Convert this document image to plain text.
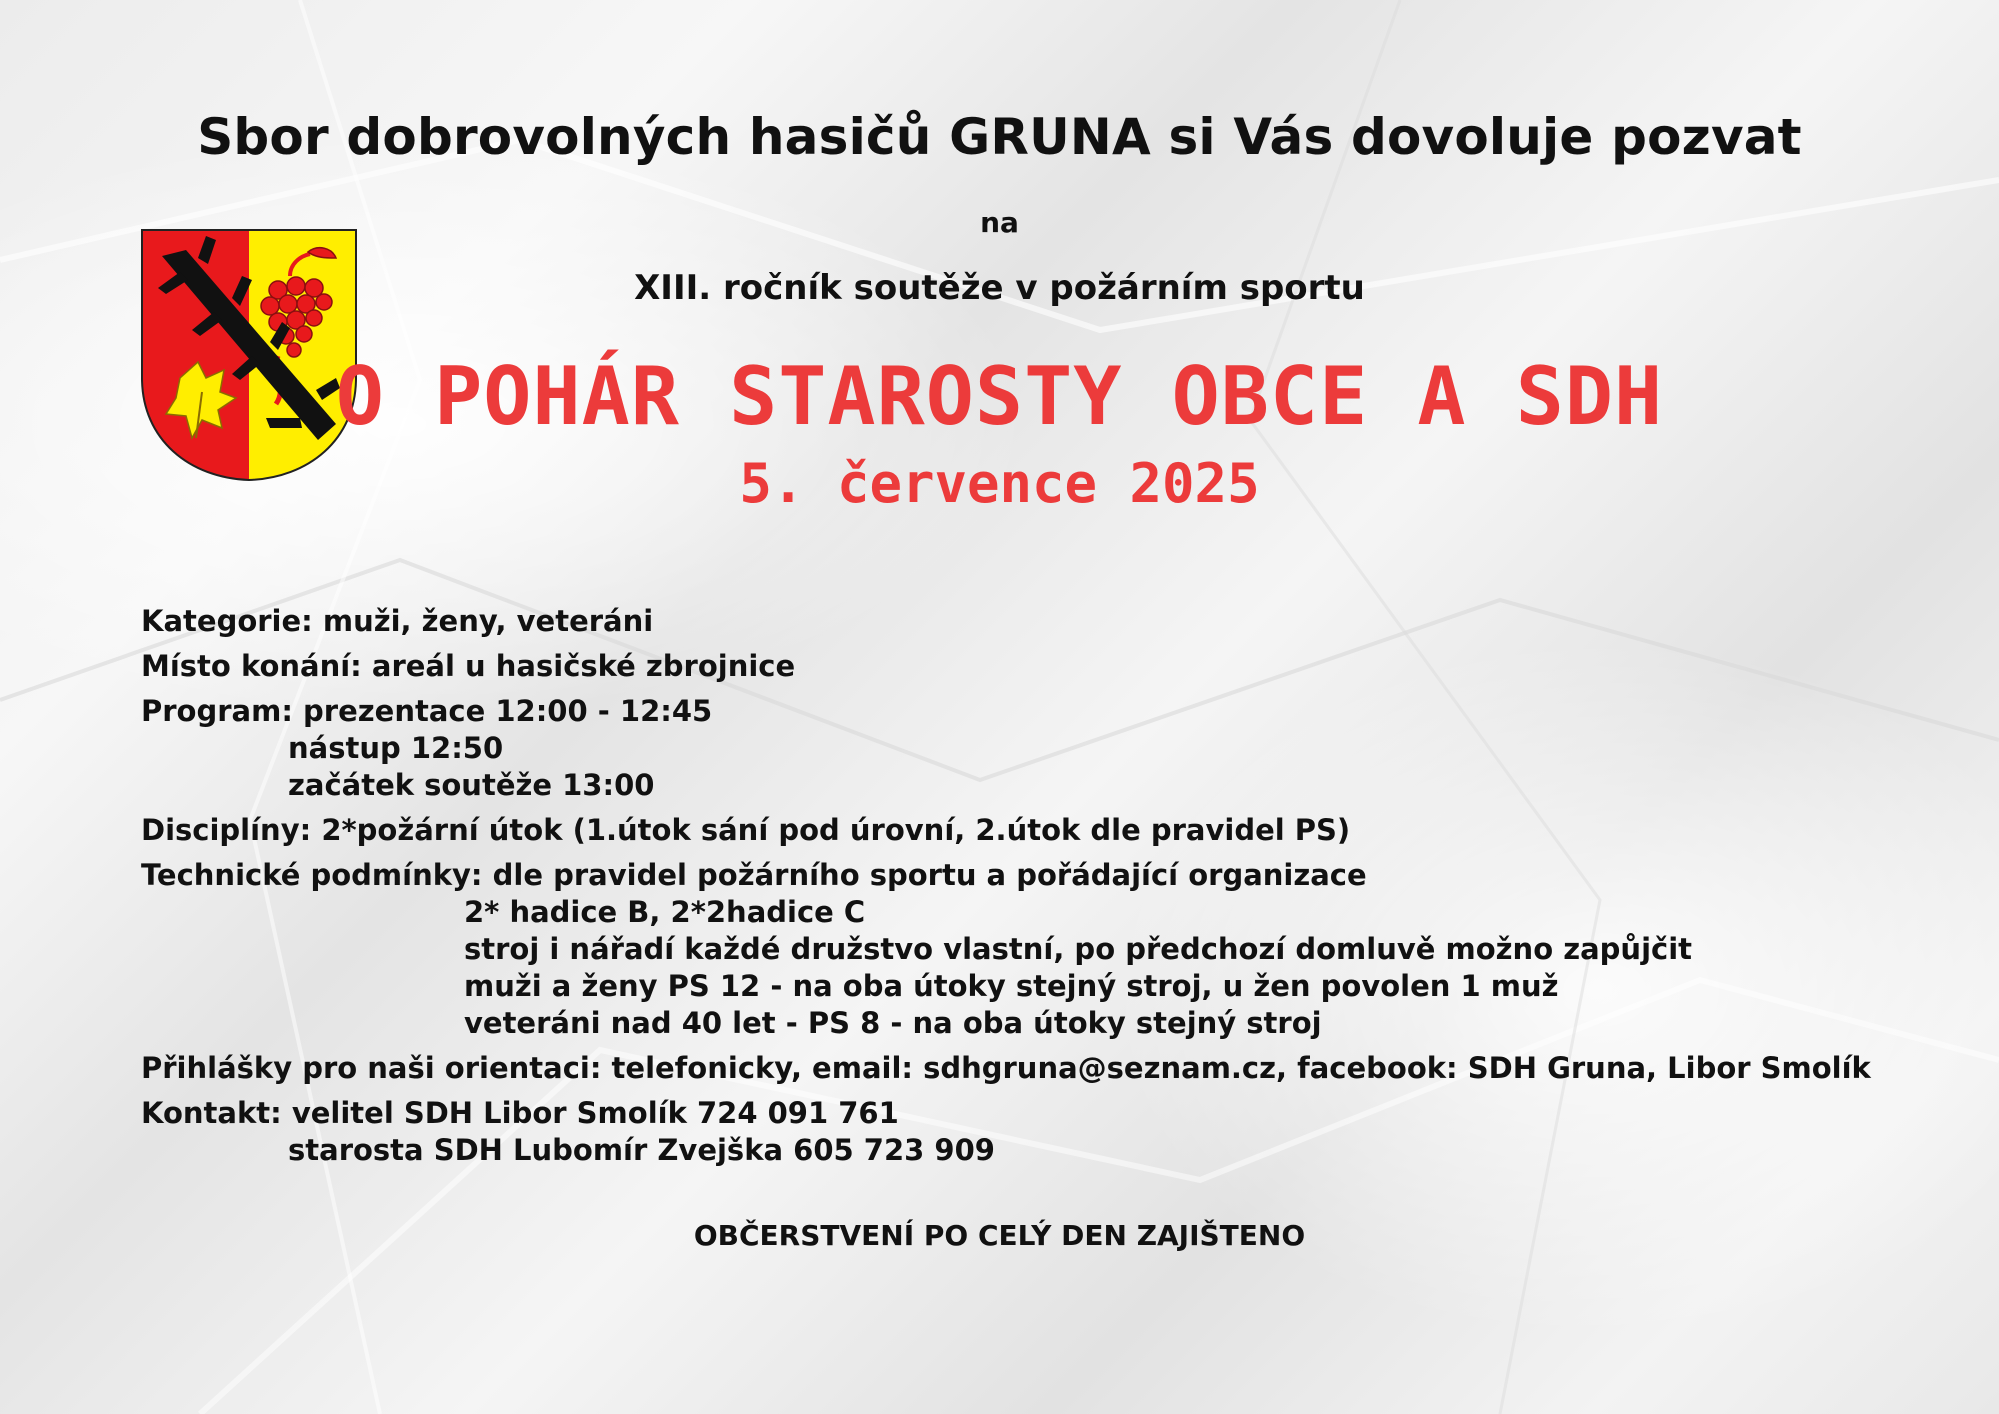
Sbor dobrovolných hasičů GRUNA si Vás dovoluje pozvat
na
XIII. ročník soutěže v požárním sportu
O POHÁR STAROSTY OBCE A SDH
5. července 2025
Kategorie: muži, ženy, veteráni
Místo konání: areál u hasičské zbrojnice
Program: prezentace 12:00 - 12:45
nástup 12:50
začátek soutěže 13:00
Disciplíny: 2*požární útok (1.útok sání pod úrovní, 2.útok dle pravidel PS)
Technické podmínky: dle pravidel požárního sportu a pořádající organizace
2* hadice B, 2*2hadice C
stroj i nářadí každé družstvo vlastní, po předchozí domluvě možno zapůjčit
muži a ženy PS 12 - na oba útoky stejný stroj, u žen povolen 1 muž
veteráni nad 40 let - PS 8 - na oba útoky stejný stroj
Přihlášky pro naši orientaci: telefonicky, email: sdhgruna@seznam.cz, facebook: SDH Gruna, Libor Smolík
Kontakt: velitel SDH Libor Smolík 724 091 761
starosta SDH Lubomír Zvejška 605 723 909
OBČERSTVENÍ PO CELÝ DEN ZAJIŠTENO
